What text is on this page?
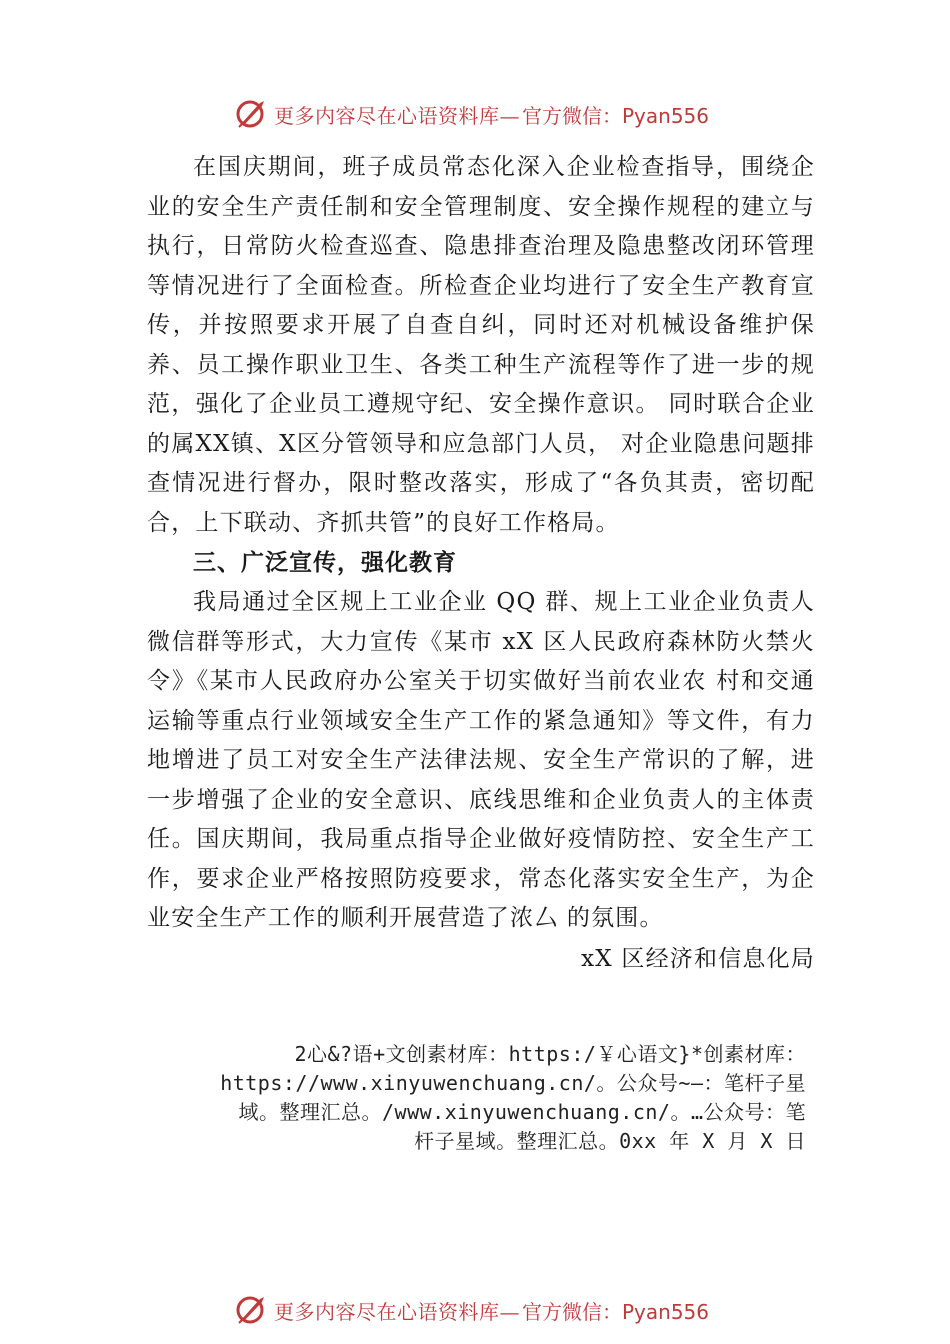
更多内容尽在心语资料库— 官方微信：Pyan556

在国庆期间，班子成员常态化深入企业检查指导，围绕企业的安全生产责任制和安全管理制度、安全操作规程的建立与执行，日常防火检查巡查、隐患排查治理及隐患整改闭环管理等情况进行了全面检查。所检查企业均进行了安全生产教育宣传，并按照要求开展了自查自纠，同时还对机械设备维护保养、员工操作职业卫生、各类工种生产流程等作了进一步的规范，强化了企业员工遵规守纪、安全操作意识。 同时联合企业的属XX镇、X区分管领导和应急部门人员， 对企业隐患问题排查情况进行督办，限时整改落实，形成了“各负其责，密切配合，上下联动、齐抓共管”的良好工作格局。

三、广泛宣传，强化教育

我局通过全区规上工业企业 QQ 群、规上工业企业负责人微信群等形式，大力宣传《某市 xX 区人民政府森林防火禁火令》《某市人民政府办公室关于切实做好当前农业农 村和交通运输等重点行业领域安全生产工作的紧急通知》等文件，有力地增进了员工对安全生产法律法规、安全生产常识的了解，进一步增强了企业的安全意识、底线思维和企业负责人的主体责任。国庆期间，我局重点指导企业做好疫情防控、安全生产工作，要求企业严格按照防疫要求，常态化落实安全生产，为企业安全生产工作的顺利开展营造了浓厶 的氛围。

xX 区经济和信息化局

2心&?语+文创素材库：https:/￥心语文}*创素材库：
https://www.xinyuwenchuang.cn/。公众号~—：笔杆子星
域。整理汇总。/www.xinyuwenchuang.cn/。…公众号：笔
杆子星域。整理汇总。0xx 年 X 月 X 日
更多内容尽在心语资料库— 官方微信：Pyan556
